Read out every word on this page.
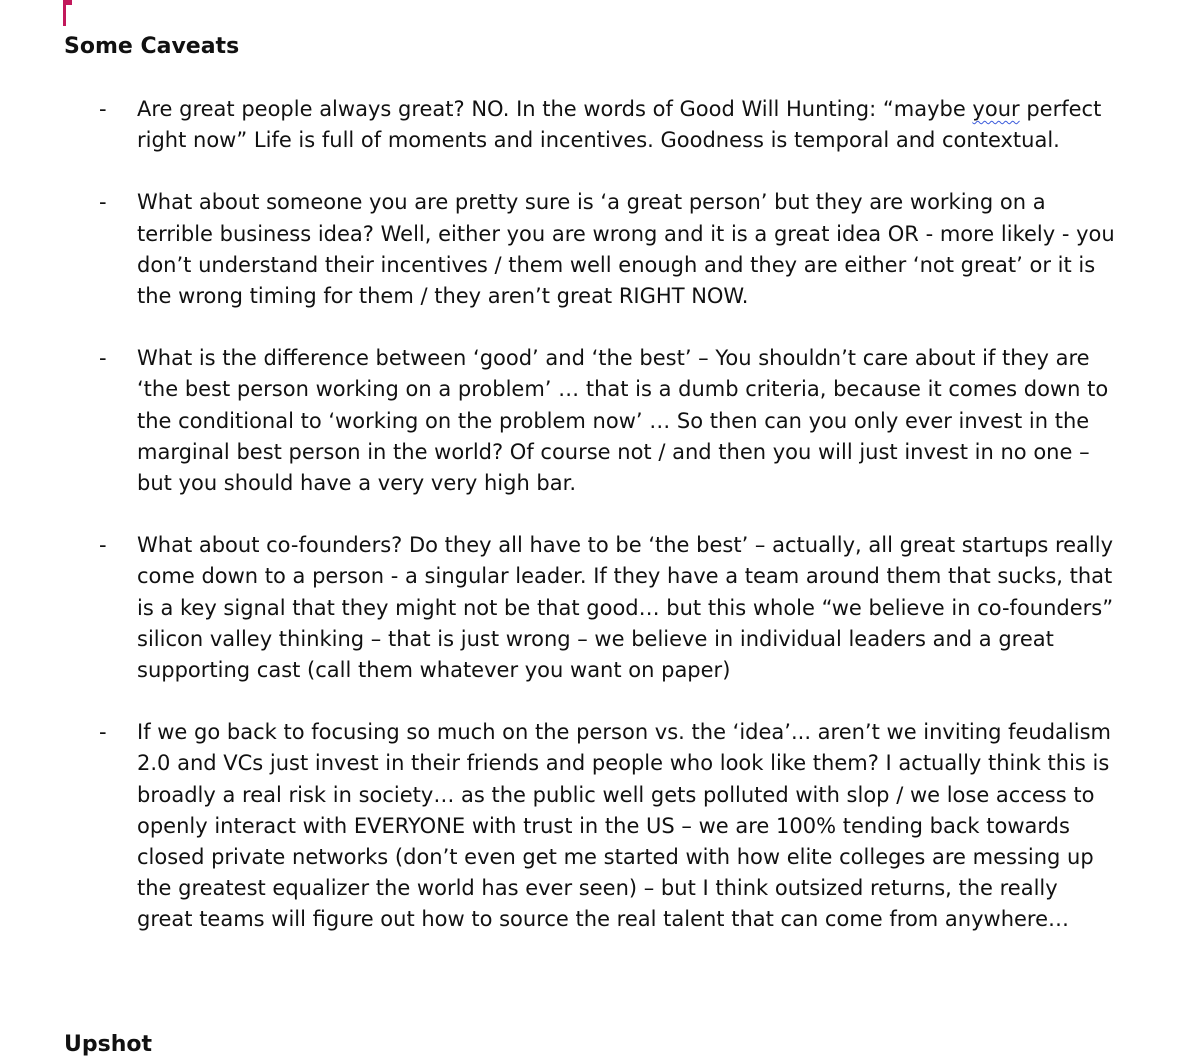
Some Caveats
- Are great people always great? NO. In the words of Good Will Hunting: “maybe your perfect right now” Life is full of moments and incentives. Goodness is temporal and contextual.

- What about someone you are pretty sure is ‘a great person’ but they are working on a terrible business idea? Well, either you are wrong and it is a great idea OR - more likely - you don’t understand their incentives / them well enough and they are either ‘not great’ or it is the wrong timing for them / they aren’t great RIGHT NOW.

- What is the difference between ‘good’ and ‘the best’ – You shouldn’t care about if they are ‘the best person working on a problem’ … that is a dumb criteria, because it comes down to the conditional to ‘working on the problem now’ … So then can you only ever invest in the marginal best person in the world? Of course not / and then you will just invest in no one – but you should have a very very high bar.

- What about co-founders? Do they all have to be ‘the best’ – actually, all great startups really come down to a person - a singular leader. If they have a team around them that sucks, that is a key signal that they might not be that good… but this whole “we believe in co-founders” silicon valley thinking – that is just wrong – we believe in individual leaders and a great supporting cast (call them whatever you want on paper)

- If we go back to focusing so much on the person vs. the ‘idea’... aren’t we inviting feudalism 2.0 and VCs just invest in their friends and people who look like them? I actually think this is broadly a real risk in society… as the public well gets polluted with slop / we lose access to openly interact with EVERYONE with trust in the US – we are 100% tending back towards closed private networks (don’t even get me started with how elite colleges are messing up the greatest equalizer the world has ever seen) – but I think outsized returns, the really great teams will figure out how to source the real talent that can come from anywhere…

Upshot
